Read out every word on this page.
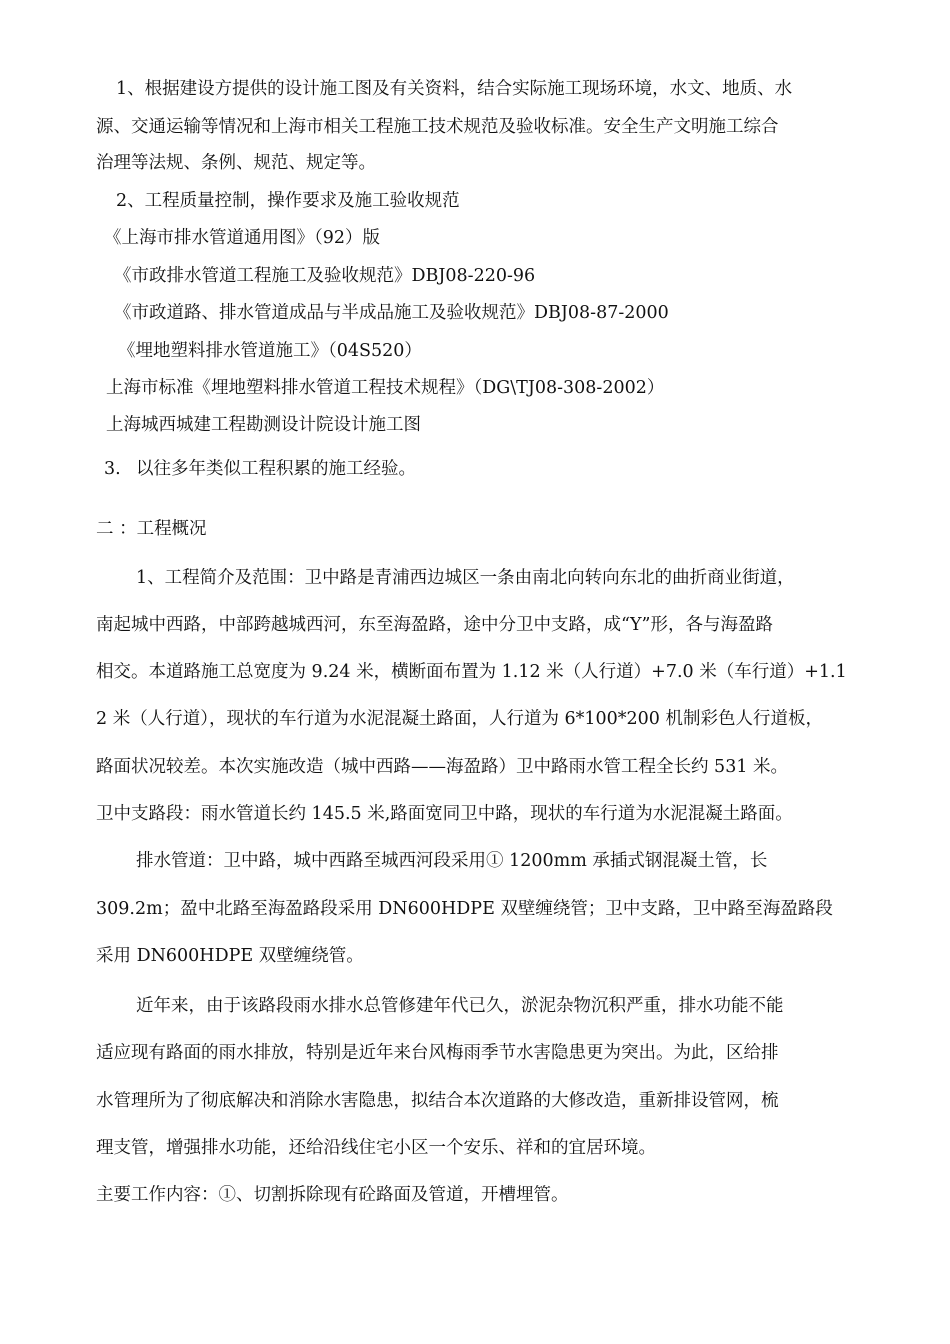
1、根据建设方提供的设计施工图及有关资料，结合实际施工现场环境，水文、地质、水
源、交通运输等情况和上海市相关工程施工技术规范及验收标准。安全生产文明施工综合
治理等法规、条例、规范、规定等。
2、工程质量控制，操作要求及施工验收规范
《上海市排水管道通用图》（92）版
《市政排水管道工程施工及验收规范》DBJ08-220-96
《市政道路、排水管道成品与半成品施工及验收规范》DBJ08-87-2000
《埋地塑料排水管道施工》（04S520）
上海市标准《埋地塑料排水管道工程技术规程》（DG\TJ08-308-2002）
上海城西城建工程勘测设计院设计施工图
3. 以往多年类似工程积累的施工经验。
二 ：工程概况
1、工程简介及范围：卫中路是青浦西边城区一条由南北向转向东北的曲折商业街道，
南起城中西路，中部跨越城西河，东至海盈路，途中分卫中支路，成“Y”形，各与海盈路
相交。本道路施工总宽度为 9.24 米，横断面布置为 1.12 米（人行道）+7.0 米（车行道）+1.1
2 米（人行道），现状的车行道为水泥混凝土路面，人行道为 6*100*200 机制彩色人行道板，
路面状况较差。本次实施改造（城中西路——海盈路）卫中路雨水管工程全长约 531 米。
卫中支路段：雨水管道长约 145.5 米,路面宽同卫中路，现状的车行道为水泥混凝土路面。
排水管道：卫中路，城中西路至城西河段采用① 1200mm 承插式钢混凝土管，长
309.2m；盈中北路至海盈路段采用 DN600HDPE 双壁缠绕管；卫中支路，卫中路至海盈路段
采用 DN600HDPE 双壁缠绕管。
近年来，由于该路段雨水排水总管修建年代已久，淤泥杂物沉积严重，排水功能不能
适应现有路面的雨水排放，特别是近年来台风梅雨季节水害隐患更为突出。为此，区给排
水管理所为了彻底解决和消除水害隐患，拟结合本次道路的大修改造，重新排设管网，梳
理支管，增强排水功能，还给沿线住宅小区一个安乐、祥和的宜居环境。
主要工作内容：①、切割拆除现有砼路面及管道，开槽埋管。
